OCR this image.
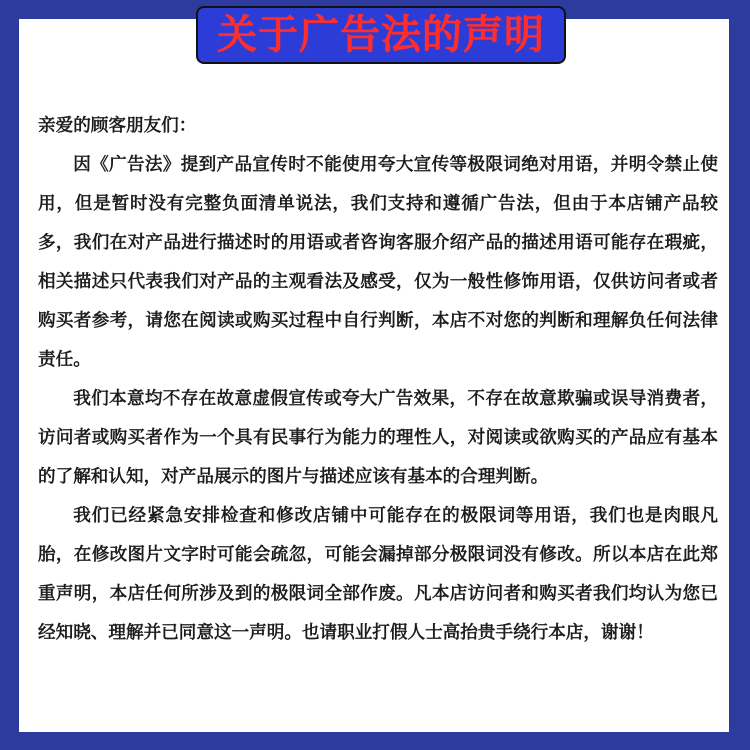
关于广告法的声明

亲爱的顾客朋友们：

因《广告法》提到产品宣传时不能使用夸大宣传等极限词绝对用语，并明令禁止使用，但是暂时没有完整负面清单说法，我们支持和遵循广告法，但由于本店铺产品较多，我们在对产品进行描述时的用语或者咨询客服介绍产品的描述用语可能存在瑕疵，相关描述只代表我们对产品的主观看法及感受，仅为一般性修饰用语，仅供访问者或者购买者参考，请您在阅读或购买过程中自行判断，本店不对您的判断和理解负任何法律责任。

我们本意均不存在故意虚假宣传或夸大广告效果，不存在故意欺骗或误导消费者，访问者或购买者作为一个具有民事行为能力的理性人，对阅读或欲购买的产品应有基本的了解和认知，对产品展示的图片与描述应该有基本的合理判断。

我们已经紧急安排检查和修改店铺中可能存在的极限词等用语，我们也是肉眼凡胎，在修改图片文字时可能会疏忽，可能会漏掉部分极限词没有修改。所以本店在此郑重声明，本店任何所涉及到的极限词全部作废。凡本店访问者和购买者我们均认为您已经知晓、理解并已同意这一声明。也请职业打假人士高抬贵手绕行本店，谢谢！
